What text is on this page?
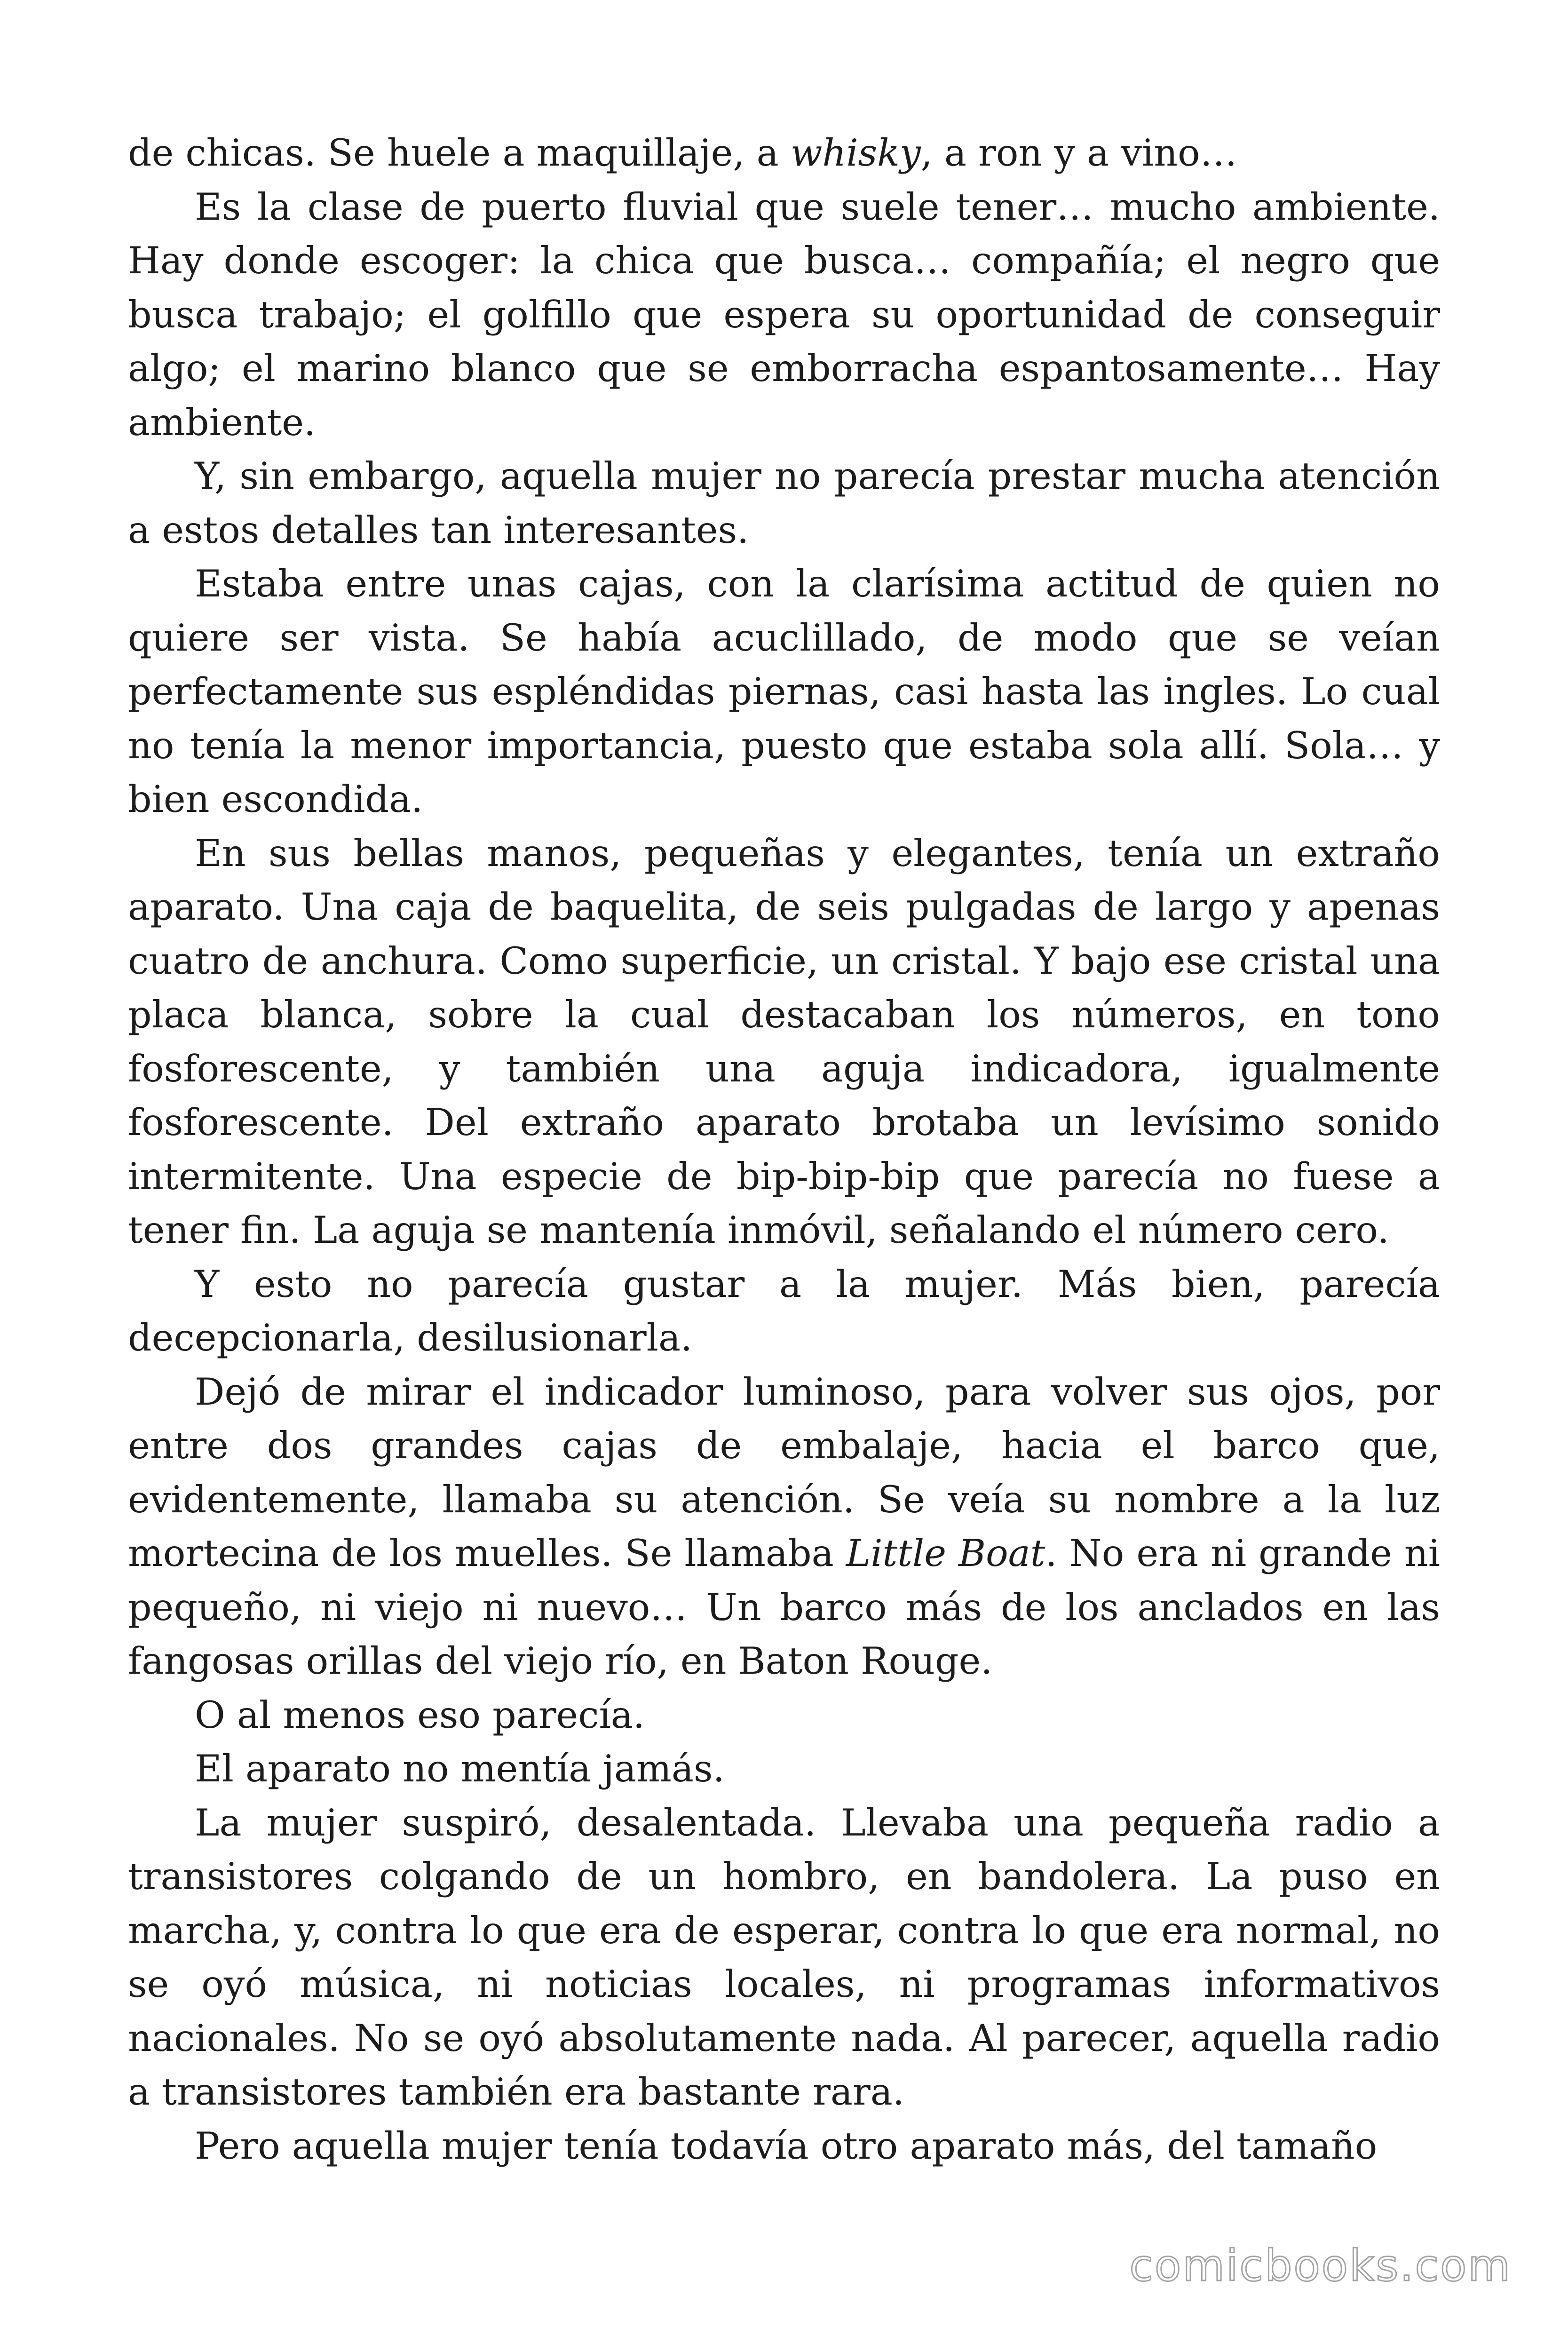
de chicas. Se huele a maquillaje, a whisky, a ron y a vino…

Es la clase de puerto fluvial que suele tener… mucho ambiente. Hay donde escoger: la chica que busca… compañía; el negro que busca trabajo; el golfillo que espera su oportunidad de conseguir algo; el marino blanco que se emborracha espantosamente… Hay ambiente.

Y, sin embargo, aquella mujer no parecía prestar mucha atención a estos detalles tan interesantes.

Estaba entre unas cajas, con la clarísima actitud de quien no quiere ser vista. Se había acuclillado, de modo que se veían perfectamente sus espléndidas piernas, casi hasta las ingles. Lo cual no tenía la menor importancia, puesto que estaba sola allí. Sola… y bien escondida.

En sus bellas manos, pequeñas y elegantes, tenía un extraño aparato. Una caja de baquelita, de seis pulgadas de largo y apenas cuatro de anchura. Como superficie, un cristal. Y bajo ese cristal una placa blanca, sobre la cual destacaban los números, en tono fosforescente, y también una aguja indicadora, igualmente fosforescente. Del extraño aparato brotaba un levísimo sonido intermitente. Una especie de bip-bip-bip que parecía no fuese a tener fin. La aguja se mantenía inmóvil, señalando el número cero.

Y esto no parecía gustar a la mujer. Más bien, parecía decepcionarla, desilusionarla.

Dejó de mirar el indicador luminoso, para volver sus ojos, por entre dos grandes cajas de embalaje, hacia el barco que, evidentemente, llamaba su atención. Se veía su nombre a la luz mortecina de los muelles. Se llamaba Little Boat. No era ni grande ni pequeño, ni viejo ni nuevo… Un barco más de los anclados en las fangosas orillas del viejo río, en Baton Rouge.

O al menos eso parecía.

El aparato no mentía jamás.

La mujer suspiró, desalentada. Llevaba una pequeña radio a transistores colgando de un hombro, en bandolera. La puso en marcha, y, contra lo que era de esperar, contra lo que era normal, no se oyó música, ni noticias locales, ni programas informativos nacionales. No se oyó absolutamente nada. Al parecer, aquella radio a transistores también era bastante rara.

Pero aquella mujer tenía todavía otro aparato más, del tamaño

comicbooks.com
